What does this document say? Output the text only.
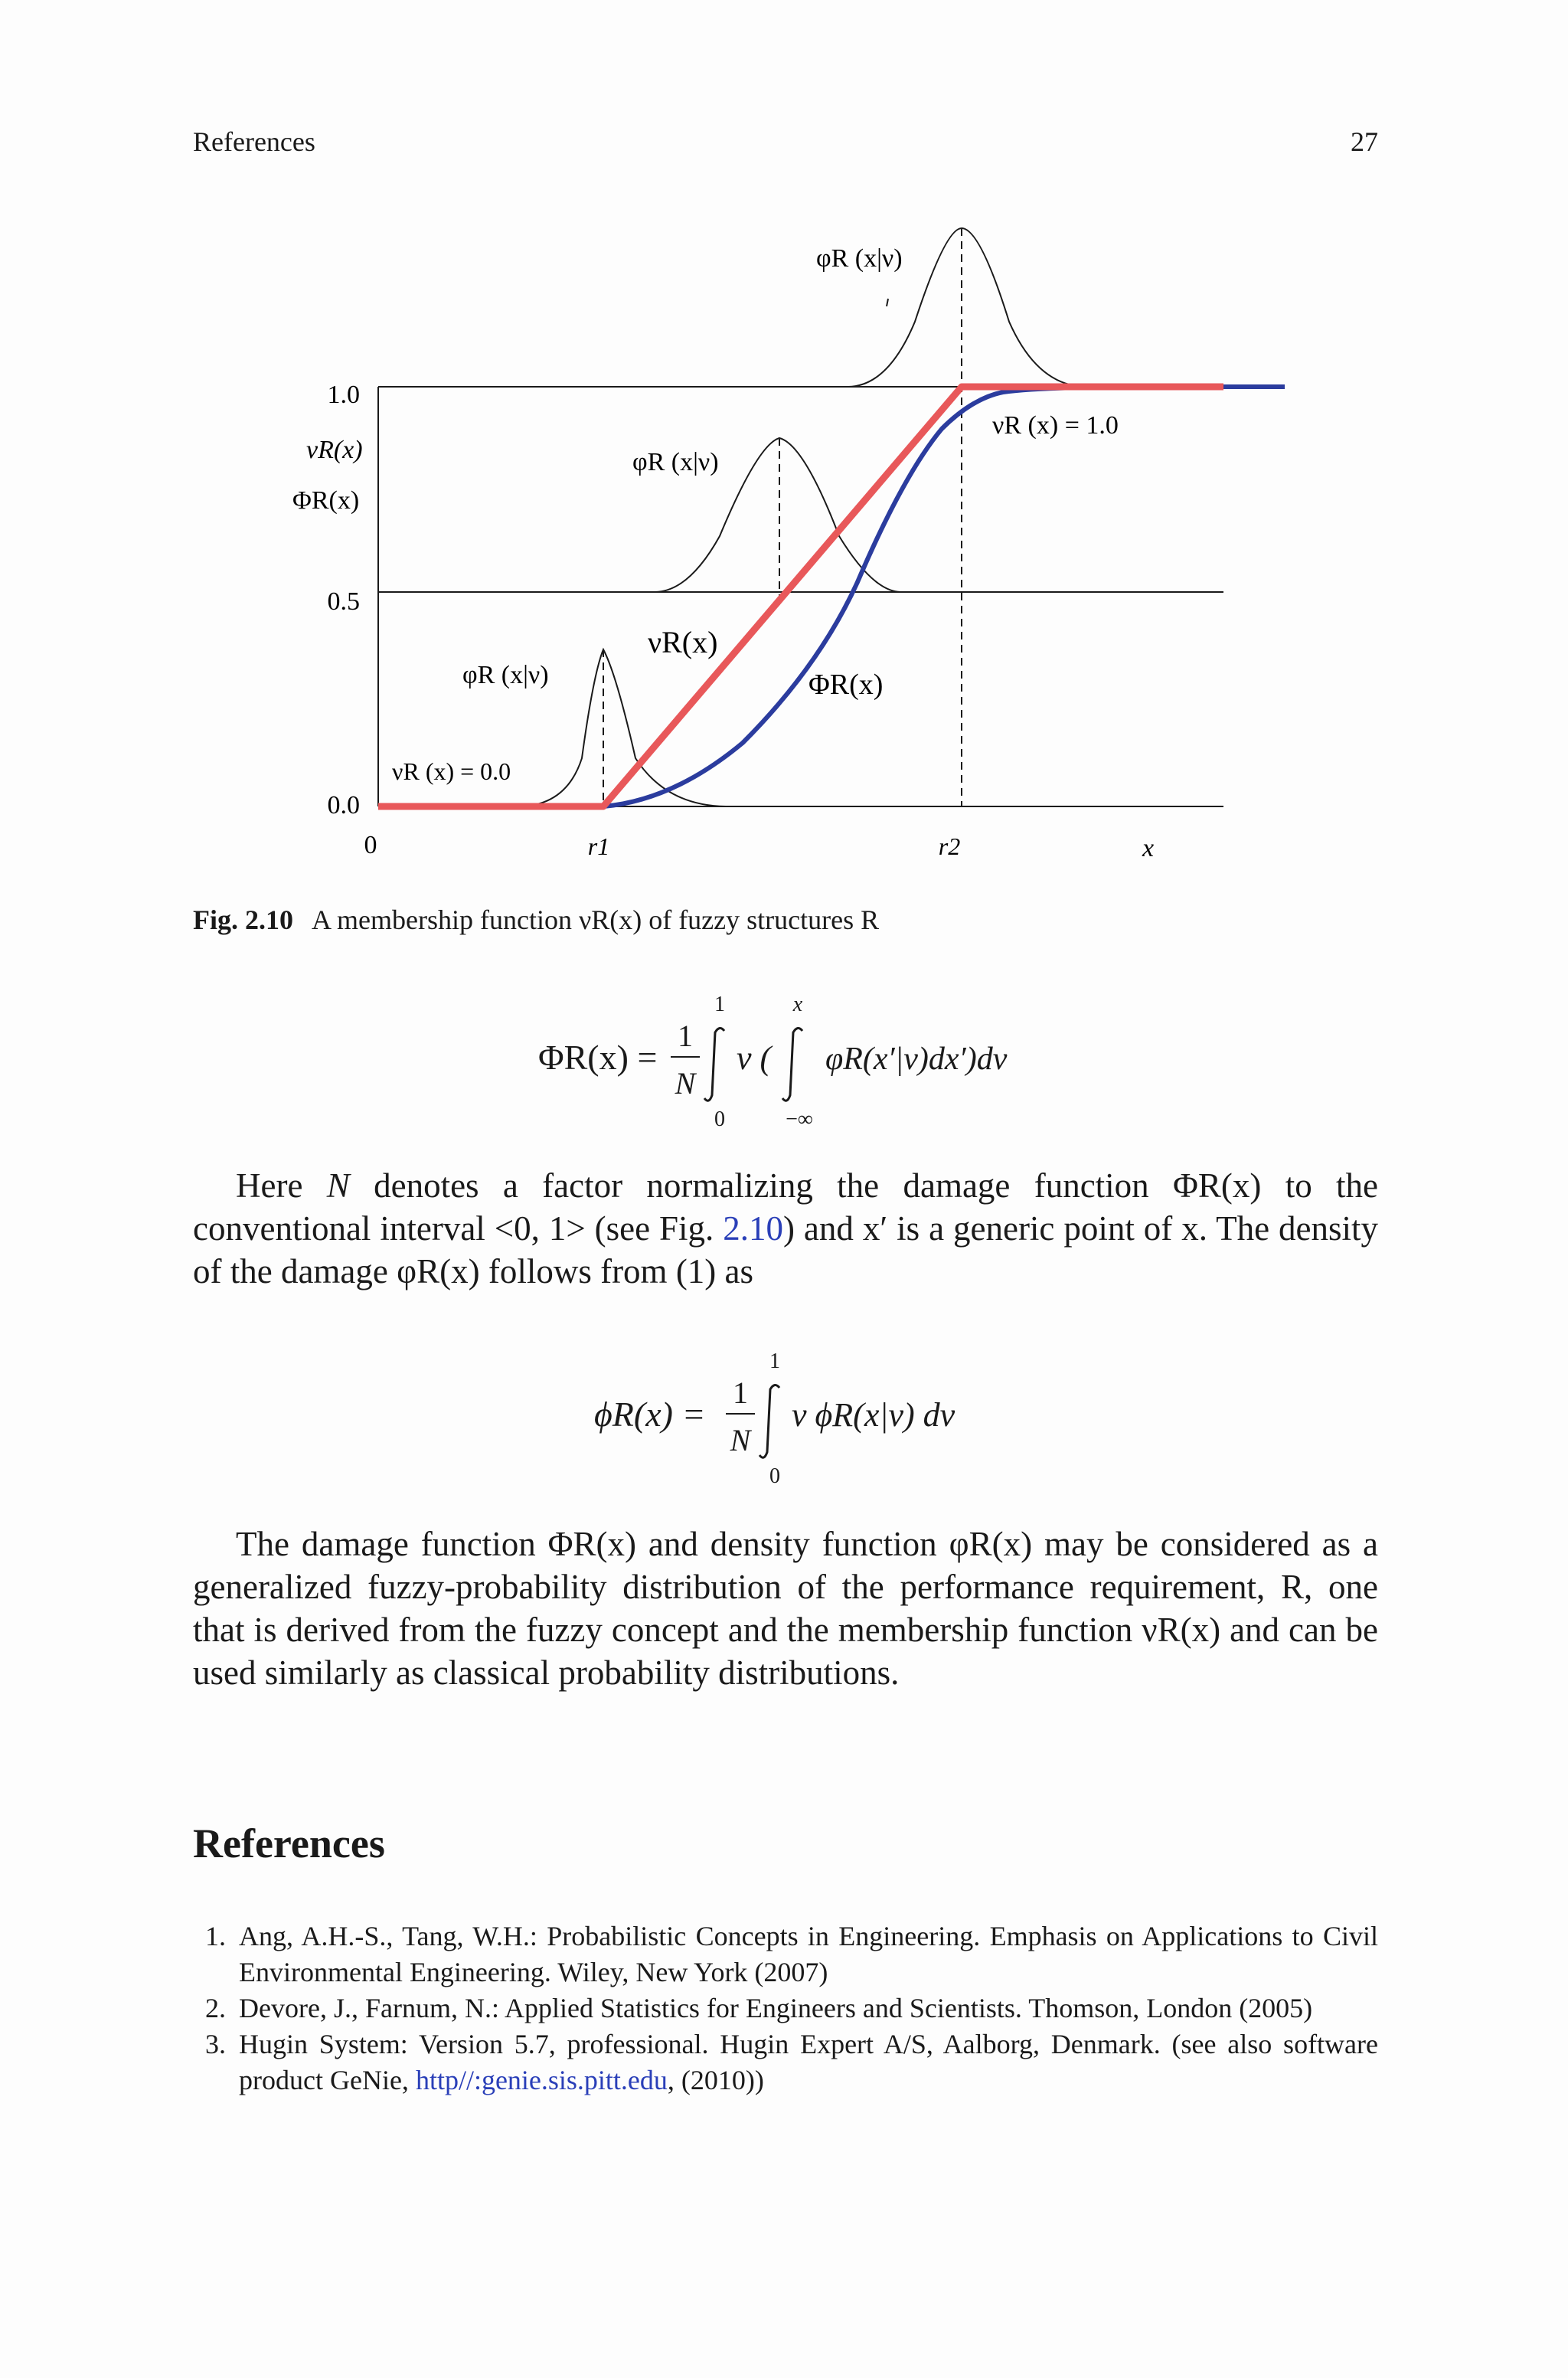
References	27
1.0
0.5
0.0
νR(x)
ΦR(x)
0	r1	r2	x
φR (x|ν)
φR (x|ν)
φR (x|ν)
νR (x) = 0.0
νR (x) = 1.0
νR(x)
ΦR(x)
Fig. 2.10 A membership function νR(x) of fuzzy structures R
ΦR(x) =
1
N
1
0
ν (
x
−∞
φR(x′|ν)dx′)dν
ϕR(x) =
1
N
1
0
ν ϕR(x|ν) dν

Here N denotes a factor normalizing the damage function ΦR(x) to the conventional interval <0, 1> (see Fig. 2.10) and x′ is a generic point of x. The density of the damage φR(x) follows from (1) as

The damage function ΦR(x) and density function φR(x) may be considered as a generalized fuzzy-probability distribution of the performance requirement, R, one that is derived from the fuzzy concept and the membership function νR(x) and can be used similarly as classical probability distributions.

References
1. Ang, A.H.-S., Tang, W.H.: Probabilistic Concepts in Engineering. Emphasis on Applications to Civil Environmental Engineering. Wiley, New York (2007)
2. Devore, J., Farnum, N.: Applied Statistics for Engineers and Scientists. Thomson, London (2005)
3. Hugin System: Version 5.7, professional. Hugin Expert A/S, Aalborg, Denmark. (see also software product GeNie, http//:genie.sis.pitt.edu, (2010))
